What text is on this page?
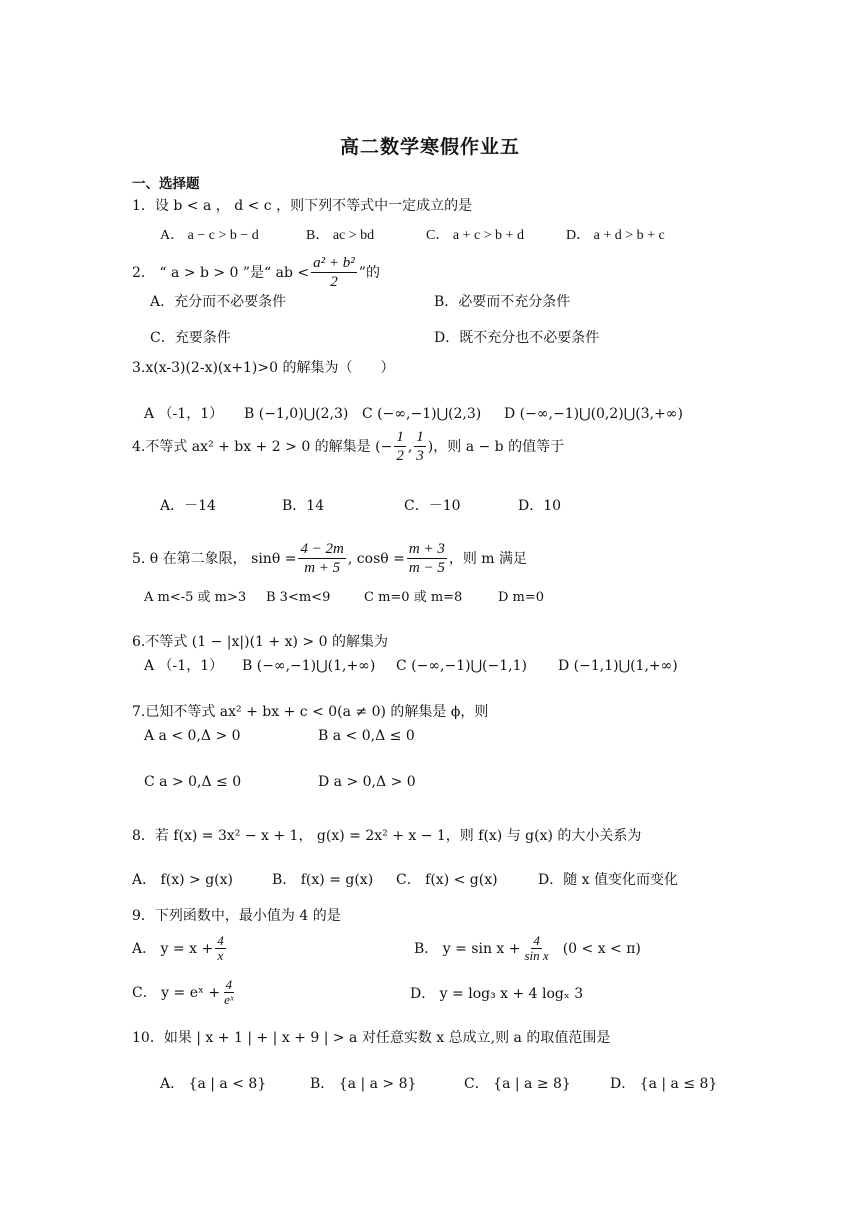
高二数学寒假作业五
一、选择题
1．设 b < a ， d < c ，则下列不等式中一定成立的是
A． a − c > b − d	B． ac > bd	C． a + c > b + d	D． a + d > b + c
2． “ a > b > 0 ”是“ ab < $\frac{\text{a² + b²}}{2}$ ”的
A．充分而不必要条件	B．必要而不充分条件
C．充要条件	D．既不充分也不必要条件
3.x(x-3)(2-x)(x+1)>0 的解集为（　　）
A （-1，1） B (−1,0)⋃(2,3) C (−∞,−1)⋃(2,3) D (−∞,−1)⋃(0,2)⋃(3,+∞)
4.不等式 ax² + bx + 2 > 0 的解集是 (− $\frac{1}{2}$ , $\frac{1}{3}$ )，则 a − b 的值等于
A．－14	B．14	C．－10	D．10
5. θ 在第二象限， $\sin\theta = \frac{4 - 2m}{m + 5}$ , $\cos\theta = \frac{m + 3}{m - 5}$ ，则 m 满足
A m<-5 或 m>3 B 3<m<9	C m=0 或 m=8	D m=0
6.不等式 (1 − |x|)(1 + x) > 0 的解集为
A （-1，1） B (−∞,−1)⋃(1,+∞) C (−∞,−1)⋃(−1,1) D (−1,1)⋃(1,+∞)
7.已知不等式 ax² + bx + c < 0(a ≠ 0) 的解集是 ϕ，则
A a < 0,Δ > 0	B a < 0,Δ ≤ 0
C a > 0,Δ ≤ 0	D a > 0,Δ > 0
8．若 f(x) = 3x² − x + 1， g(x) = 2x² + x − 1，则 f(x) 与 g(x) 的大小关系为
A． f(x) > g(x)	B． f(x) = g(x) C． f(x) < g(x)	D．随 x 值变化而变化
9．下列函数中，最小值为 4 的是
A． $y = x + \frac{4}{x}$	B． $y = \sin x + \frac{4}{\text{sin x}} (0 < x < \pi)$
C． y = eˣ + $\frac{4}{\text{eˣ}}$	D． y = log₃ x + 4 logₓ 3
10．如果 | x + 1 | + | x + 9 | > a 对任意实数 x 总成立,则 a 的取值范围是
A． {a | a < 8}	B． {a | a > 8}	C． {a | a ≥ 8}	D． {a | a ≤ 8}
